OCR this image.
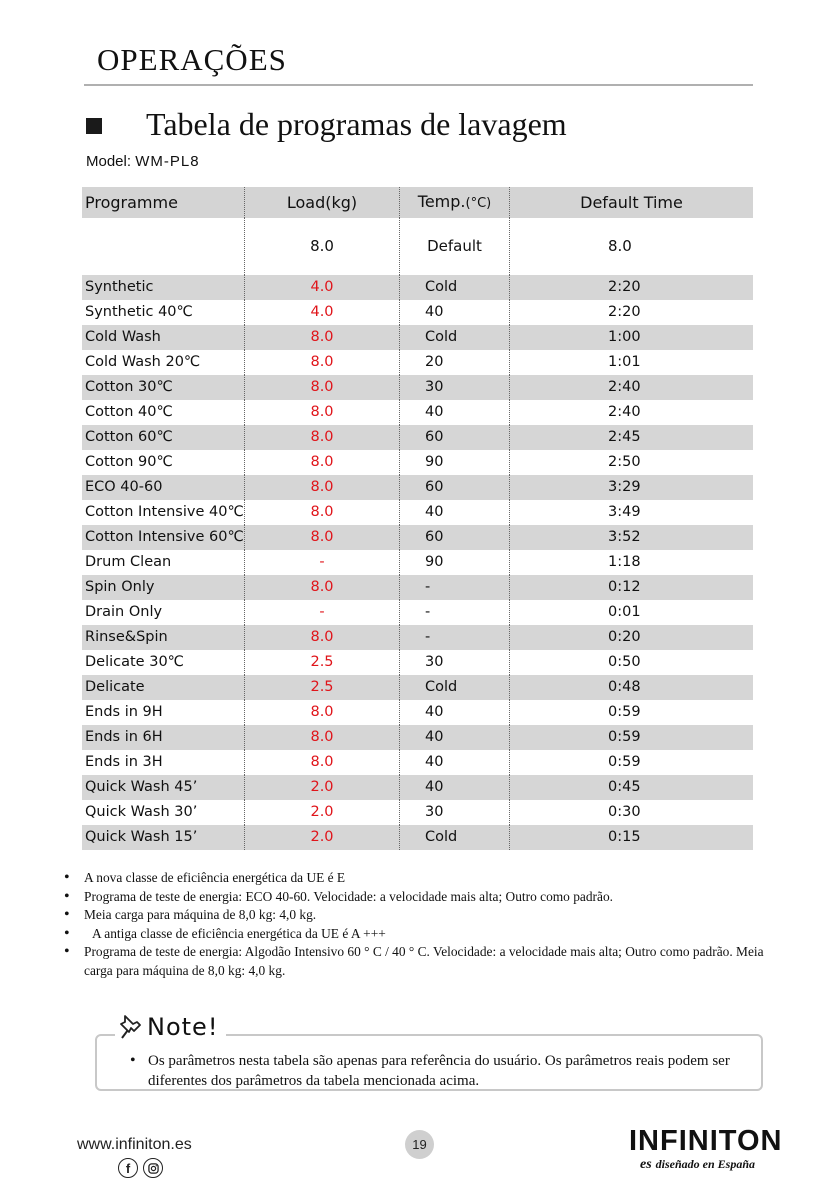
OPERAÇÕES
Tabela de programas de lavagem
Model: WM-PL8
Programme	Load(kg)	Temp.(°C)	Default Time
	8.0	Default	8.0
Synthetic	4.0	Cold	2:20
Synthetic 40℃	4.0	40	2:20
Cold Wash	8.0	Cold	1:00
Cold Wash 20℃	8.0	20	1:01
Cotton 30℃	8.0	30	2:40
Cotton 40℃	8.0	40	2:40
Cotton 60℃	8.0	60	2:45
Cotton 90℃	8.0	90	2:50
ECO 40-60	8.0	60	3:29
Cotton Intensive 40℃	8.0	40	3:49
Cotton Intensive 60℃	8.0	60	3:52
Drum Clean	-	90	1:18
Spin Only	8.0	-	0:12
Drain Only	-	-	0:01
Rinse&Spin	8.0	-	0:20
Delicate 30℃	2.5	30	0:50
Delicate	2.5	Cold	0:48
Ends in 9H	8.0	40	0:59
Ends in 6H	8.0	40	0:59
Ends in 3H	8.0	40	0:59
Quick Wash 45’	2.0	40	0:45
Quick Wash 30’	2.0	30	0:30
Quick Wash 15’	2.0	Cold	0:15
• A nova classe de eficiência energética da UE é E
• Programa de teste de energia: ECO 40-60. Velocidade: a velocidade mais alta; Outro como padrão.
• Meia carga para máquina de 8,0 kg: 4,0 kg.
• A antiga classe de eficiência energética da UE é A +++
• Programa de teste de energia: Algodão Intensivo 60 ° C / 40 ° C. Velocidade: a velocidade mais alta; Outro como padrão. Meia carga para máquina de 8,0 kg: 4,0 kg.
Note!
• Os parâmetros nesta tabela são apenas para referência do usuário. Os parâmetros reais podem ser diferentes dos parâmetros da tabela mencionada acima.
www.infiniton.es
f
19	INFINITON
es diseñado en España
